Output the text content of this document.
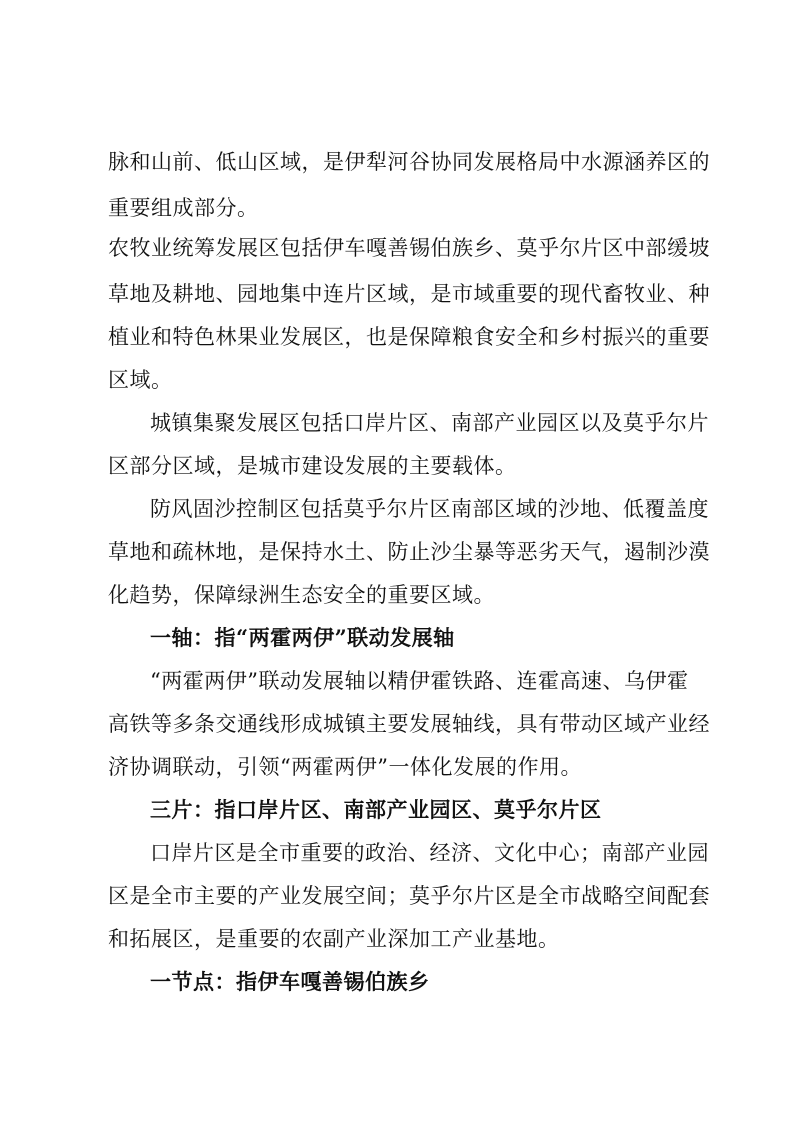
脉和山前、低山区域，是伊犁河谷协同发展格局中水源涵养区的
重要组成部分。
农牧业统筹发展区包括伊车嘎善锡伯族乡、莫乎尔片区中部缓坡
草地及耕地、园地集中连片区域，是市域重要的现代畜牧业、种
植业和特色林果业发展区，也是保障粮食安全和乡村振兴的重要
区域。
城镇集聚发展区包括口岸片区、南部产业园区以及莫乎尔片
区部分区域，是城市建设发展的主要载体。
防风固沙控制区包括莫乎尔片区南部区域的沙地、低覆盖度
草地和疏林地，是保持水土、防止沙尘暴等恶劣天气，遏制沙漠
化趋势，保障绿洲生态安全的重要区域。
一轴：指“两霍两伊”联动发展轴
“两霍两伊”联动发展轴以精伊霍铁路、连霍高速、乌伊霍
高铁等多条交通线形成城镇主要发展轴线，具有带动区域产业经
济协调联动，引领“两霍两伊”一体化发展的作用。
三片：指口岸片区、南部产业园区、莫乎尔片区
口岸片区是全市重要的政治、经济、文化中心；南部产业园
区是全市主要的产业发展空间；莫乎尔片区是全市战略空间配套
和拓展区，是重要的农副产业深加工产业基地。
一节点：指伊车嘎善锡伯族乡
